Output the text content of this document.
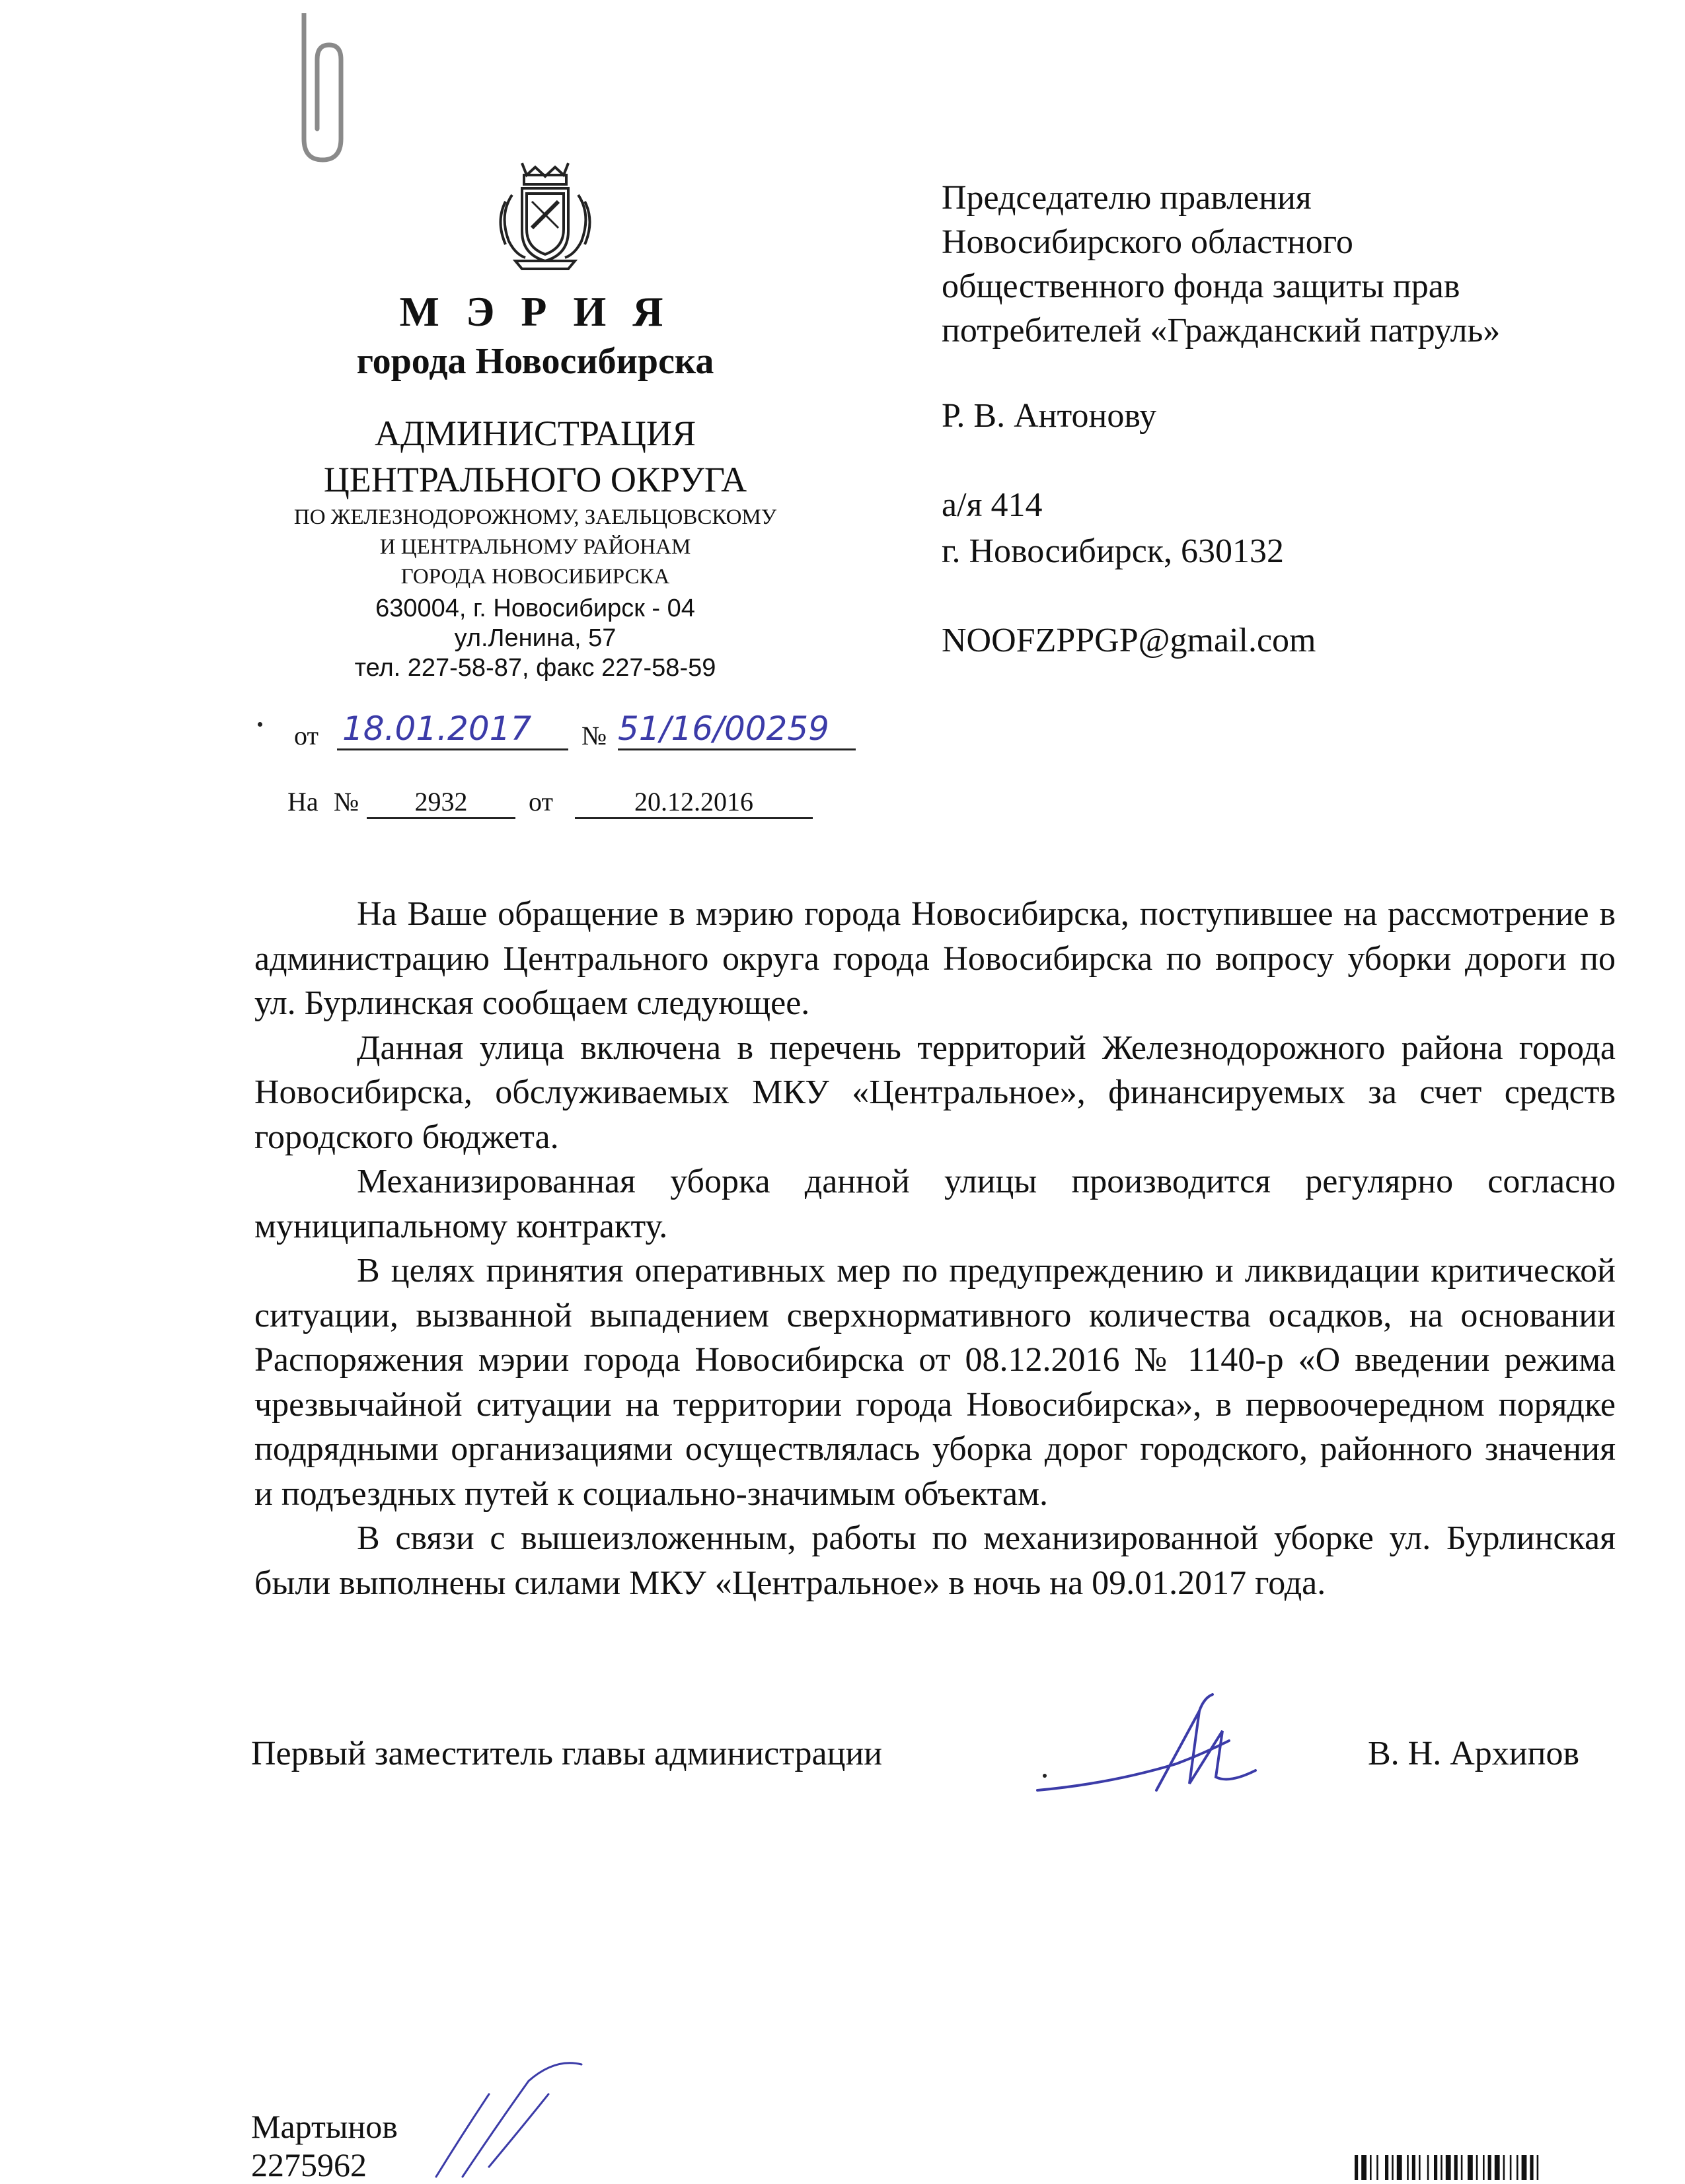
М Э Р И Я
города Новосибирска
АДМИНИСТРАЦИЯ
ЦЕНТРАЛЬНОГО ОКРУГА
ПО ЖЕЛЕЗНОДОРОЖНОМУ, ЗАЕЛЬЦОВСКОМУ
И ЦЕНТРАЛЬНОМУ РАЙОНАМ
ГОРОДА НОВОСИБИРСКА
630004, г. Новосибирск - 04
ул.Ленина, 57
тел. 227-58-87, факс 227-58-59
от 18.01.2017	№ 51/16/00259
На №	2932	от	20.12.2016
Председателю правления
Новосибирского областного
общественного фонда защиты прав
потребителей «Гражданский патруль»
Р. В. Антонову
а/я 414
г. Новосибирск, 630132
NOOFZPPGP@gmail.com

На Ваше обращение в мэрию города Новосибирска, поступившее на рассмотрение в администрацию Центрального округа города Новосибирска по вопросу уборки дороги по ул. Бурлинская сообщаем следующее.

Данная улица включена в перечень территорий Железнодорожного района города Новосибирска, обслуживаемых МКУ «Центральное», финансируемых за счет средств городского бюджета.

Механизированная уборка данной улицы производится регулярно согласно муниципальному контракту.

В целях принятия оперативных мер по предупреждению и ликвидации критической ситуации, вызванной выпадением сверхнормативного количества осадков, на основании Распоряжения мэрии города Новосибирска от 08.12.2016 № 1140-р «О введении режима чрезвычайной ситуации на территории города Новосибирска», в первоочередном порядке подрядными организациями осуществлялась уборка дорог городского, районного значения и подъездных путей к социально-значимым объектам.

В связи с вышеизложенным, работы по механизированной уборке ул. Бурлинская были выполнены силами МКУ «Центральное» в ночь на 09.01.2017 года.

Первый заместитель главы администрации	В. Н. Архипов
Мартынов
2275962
